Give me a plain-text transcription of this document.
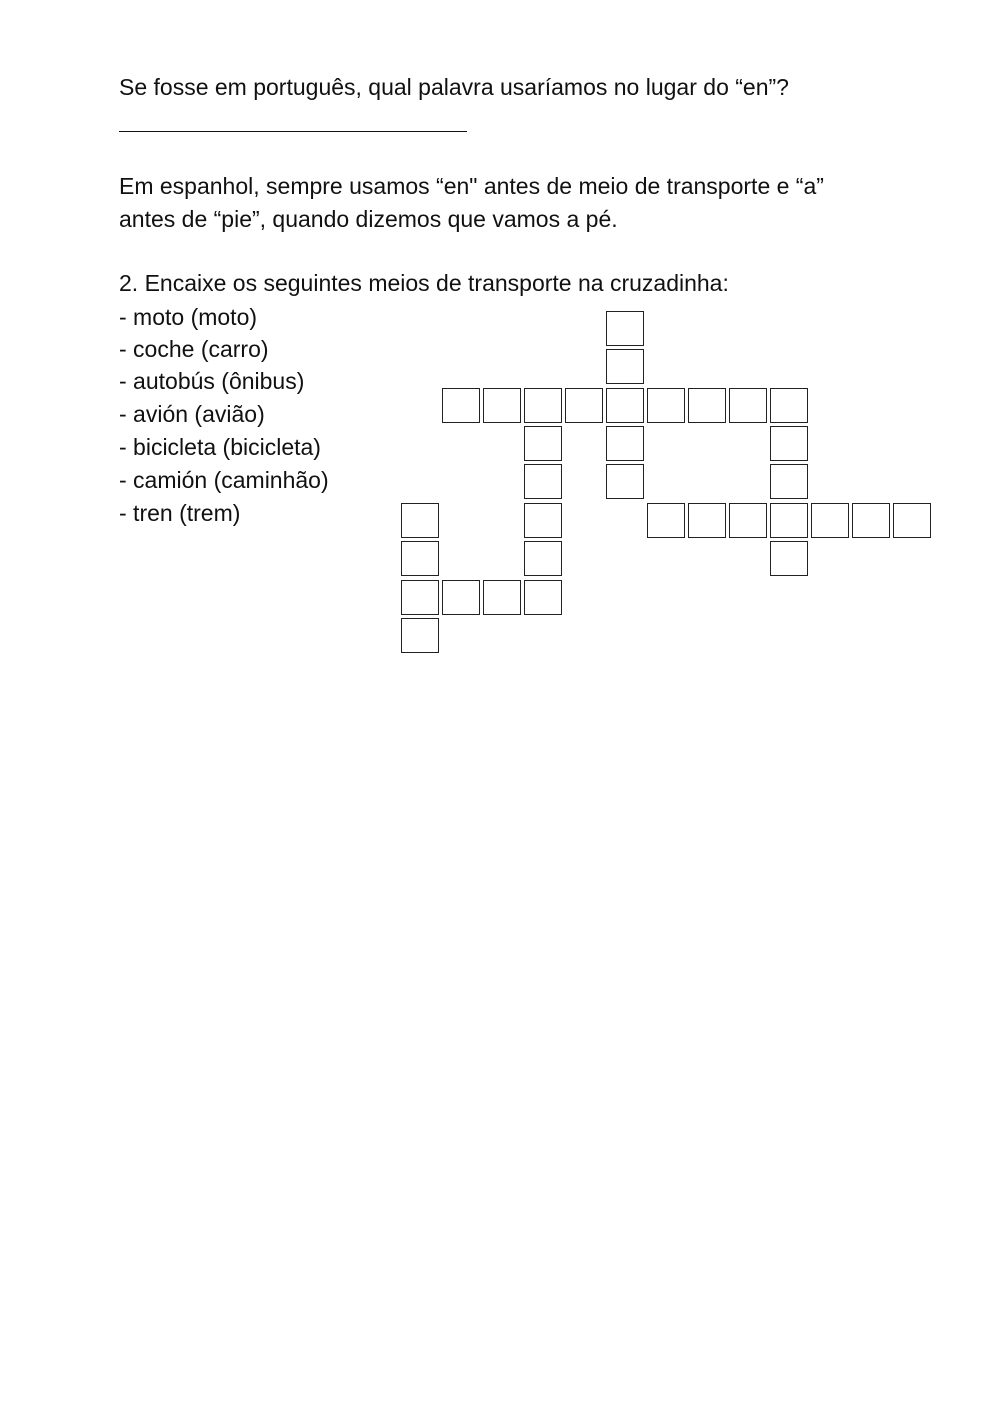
Se fosse em português, qual palavra usaríamos no lugar do “en”?
Em espanhol, sempre usamos “en" antes de meio de transporte e “a”
antes de “pie”, quando dizemos que vamos a pé.
2. Encaixe os seguintes meios de transporte na cruzadinha:
- moto (moto)
- coche (carro)
- autobús (ônibus)
- avión (avião)
- bicicleta (bicicleta)
- camión (caminhão)
- tren (trem)
